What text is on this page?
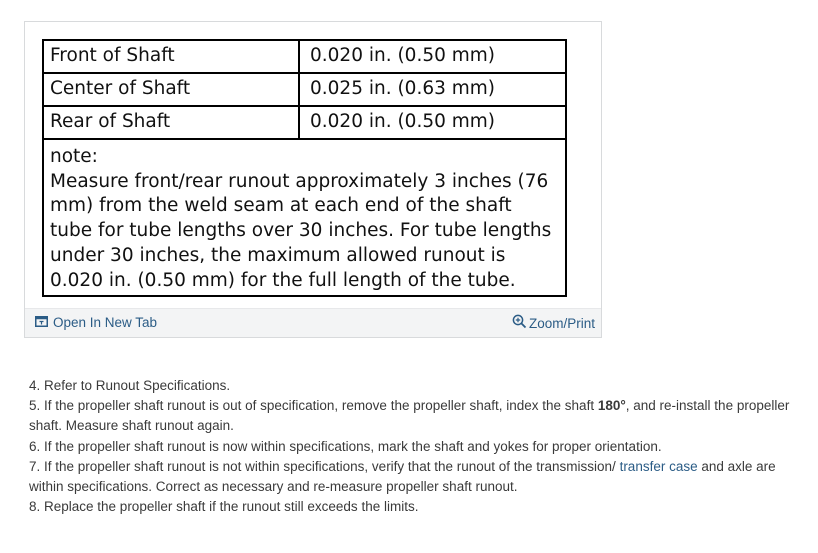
Front of Shaft	0.020 in. (0.50 mm)
Center of Shaft	0.025 in. (0.63 mm)
Rear of Shaft	0.020 in. (0.50 mm)
note:
Measure front/rear runout approximately 3 inches (76 mm) from the weld seam at each end of the shaft tube for tube lengths over 30 inches. For tube lengths under 30 inches, the maximum allowed runout is 0.020 in. (0.50 mm) for the full length of the tube.
Open In New Tab	Zoom/Print

4. Refer to Runout Specifications.

5. If the propeller shaft runout is out of specification, remove the propeller shaft, index the shaft 180°, and re-install the propeller shaft. Measure shaft runout again.

6. If the propeller shaft runout is now within specifications, mark the shaft and yokes for proper orientation.

7. If the propeller shaft runout is not within specifications, verify that the runout of the transmission/ transfer case and axle are within specifications. Correct as necessary and re-measure propeller shaft runout.

8. Replace the propeller shaft if the runout still exceeds the limits.
